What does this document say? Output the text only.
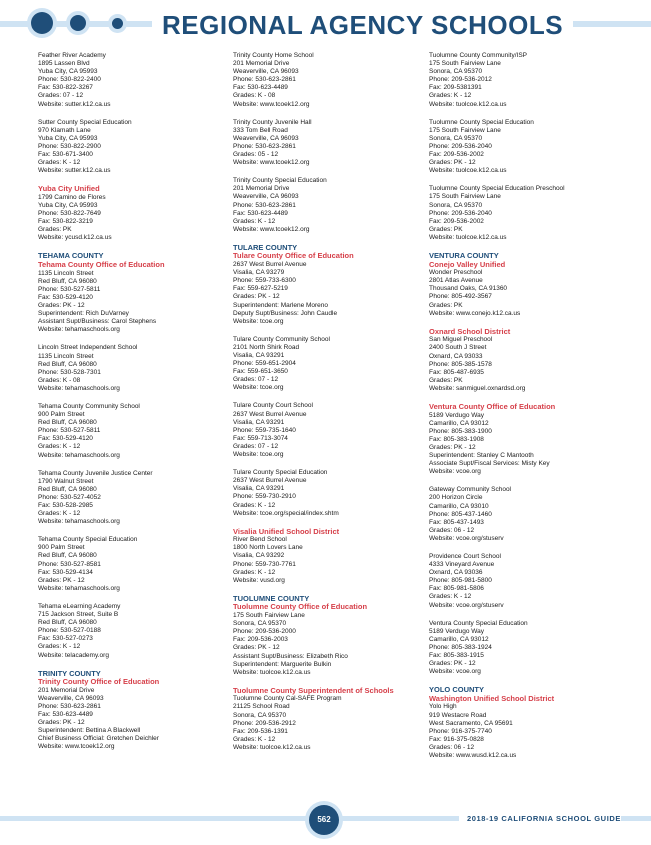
REGIONAL AGENCY SCHOOLS
Feather River Academy
1895 Lassen Blvd
Yuba City, CA 95993
Phone: 530-822-2400
Fax: 530-822-3267
Grades: 07 - 12
Website: sutter.k12.ca.us
Sutter County Special Education
970 Klamath Lane
Yuba City, CA 95993
Phone: 530-822-2900
Fax: 530-671-3400
Grades: K - 12
Website: sutter.k12.ca.us
Yuba City Unified
1799 Camino de Flores
Yuba City, CA 95993
Phone: 530-822-7649
Fax: 530-822-3219
Grades: PK
Website: ycusd.k12.ca.us
TEHAMA COUNTY
Tehama County Office of Education
1135 Lincoln Street
Red Bluff, CA 96080
Phone: 530-527-5811
Fax: 530-529-4120
Grades: PK - 12
Superintendent: Rich DuVarney
Assistant Supt/Business: Carol Stephens
Website: tehamaschools.org
Lincoln Street Independent School
1135 Lincoln Street
Red Bluff, CA 96080
Phone: 530-528-7301
Grades: K - 08
Website: tehamaschools.org
Tehama County Community School
900 Palm Street
Red Bluff, CA 96080
Phone: 530-527-5811
Fax: 530-529-4120
Grades: K - 12
Website: tehamaschools.org
Tehama County Juvenile Justice Center
1790 Walnut Street
Red Bluff, CA 96080
Phone: 530-527-4052
Fax: 530-528-2985
Grades: K - 12
Website: tehamaschools.org
Tehama County Special Education
900 Palm Street
Red Bluff, CA 96080
Phone: 530-527-8581
Fax: 530-529-4134
Grades: PK - 12
Website: tehamaschools.org
Tehama eLearning Academy
715 Jackson Street, Suite B
Red Bluff, CA 96080
Phone: 530-527-0188
Fax: 530-527-0273
Grades: K - 12
Website: telacademy.org
TRINITY COUNTY
Trinity County Office of Education
201 Memorial Drive
Weaverville, CA 96093
Phone: 530-623-2861
Fax: 530-623-4489
Grades: PK - 12
Superintendent: Bettina A Blackwell
Chief Business Official: Gretchen Deichler
Website: www.tcoek12.org
Trinity County Home School
201 Memorial Drive
Weaverville, CA 96093
Phone: 530-623-2861
Fax: 530-623-4489
Grades: K - 08
Website: www.tcoek12.org
Trinity County Juvenile Hall
333 Tom Bell Road
Weaverville, CA 96093
Phone: 530-623-2861
Grades: 05 - 12
Website: www.tcoek12.org
Trinity County Special Education
201 Memorial Drive
Weaverville, CA 96093
Phone: 530-623-2861
Fax: 530-623-4489
Grades: K - 12
Website: www.tcoek12.org
TULARE COUNTY
Tulare County Office of Education
2637 West Burrel Avenue
Visalia, CA 93279
Phone: 559-733-6300
Fax: 559-627-5219
Grades: PK - 12
Superintendent: Marlene Moreno
Deputy Supt/Business: John Caudle
Website: tcoe.org
Tulare County Community School
2101 North Shirk Road
Visalia, CA 93291
Phone: 559-651-2904
Fax: 559-651-3650
Grades: 07 - 12
Website: tcoe.org
Tulare County Court School
2637 West Burrel Avenue
Visalia, CA 93291
Phone: 559-735-1640
Fax: 559-713-3074
Grades: 07 - 12
Website: tcoe.org
Tulare County Special Education
2637 West Burrel Avenue
Visalia, CA 93291
Phone: 559-730-2910
Grades: K - 12
Website: tcoe.org/special/index.shtm
Visalia Unified School District
River Bend School
1800 North Lovers Lane
Visalia, CA 93292
Phone: 559-730-7761
Grades: K - 12
Website: vusd.org
TUOLUMNE COUNTY
Tuolumne County Office of Education
175 South Fairview Lane
Sonora, CA 95370
Phone: 209-536-2000
Fax: 209-536-2003
Grades: PK - 12
Assistant Supt/Business: Elizabeth Rico
Superintendent: Marguerite Bulkin
Website: tuolcoe.k12.ca.us
Tuolumne County Superintendent of Schools
Tuolumne County Cal-SAFE Program
21125 School Road
Sonora, CA 95370
Phone: 209-536-2912
Fax: 209-536-1391
Grades: K - 12
Website: tuolcoe.k12.ca.us
Tuolumne County Community/ISP
175 South Fairview Lane
Sonora, CA 95370
Phone: 209-536-2012
Fax: 209-5381391
Grades: K - 12
Website: tuolcoe.k12.ca.us
Tuolumne County Special Education
175 South Fairview Lane
Sonora, CA 95370
Phone: 209-536-2040
Fax: 209-536-2002
Grades: PK - 12
Website: tuolcoe.k12.ca.us
Tuolumne County Special Education Preschool
175 South Fairview Lane
Sonora, CA 95370
Phone: 209-536-2040
Fax: 209-536-2002
Grades: PK
Website: tuolcoe.k12.ca.us
VENTURA COUNTY
Conejo Valley Unified
Wonder Preschool
2801 Atlas Avenue
Thousand Oaks, CA 91360
Phone: 805-492-3567
Grades: PK
Website: www.conejo.k12.ca.us
Oxnard School District
San Miguel Preschool
2400 South J Street
Oxnard, CA 93033
Phone: 805-385-1578
Fax: 805-487-6935
Grades: PK
Website: sanmiguel.oxnardsd.org
Ventura County Office of Education
5189 Verdugo Way
Camarillo, CA 93012
Phone: 805-383-1900
Fax: 805-383-1908
Grades: PK - 12
Superintendent: Stanley C Mantooth
Associate Supt/Fiscal Services: Misty Key
Website: vcoe.org
Gateway Community School
200 Horizon Circle
Camarillo, CA 93010
Phone: 805-437-1460
Fax: 805-437-1493
Grades: 06 - 12
Website: vcoe.org/stuserv
Providence Court School
4333 Vineyard Avenue
Oxnard, CA 93036
Phone: 805-981-5800
Fax: 805-981-5806
Grades: K - 12
Website: vcoe.org/stuserv
Ventura County Special Education
5189 Verdugo Way
Camarillo, CA 93012
Phone: 805-383-1924
Fax: 805-383-1915
Grades: PK - 12
Website: vcoe.org
YOLO COUNTY
Washington Unified School District
Yolo High
919 Westacre Road
West Sacramento, CA 95691
Phone: 916-375-7740
Fax: 916-375-0828
Grades: 06 - 12
Website: www.wusd.k12.ca.us
562	2018-19 CALIFORNIA SCHOOL GUIDE
